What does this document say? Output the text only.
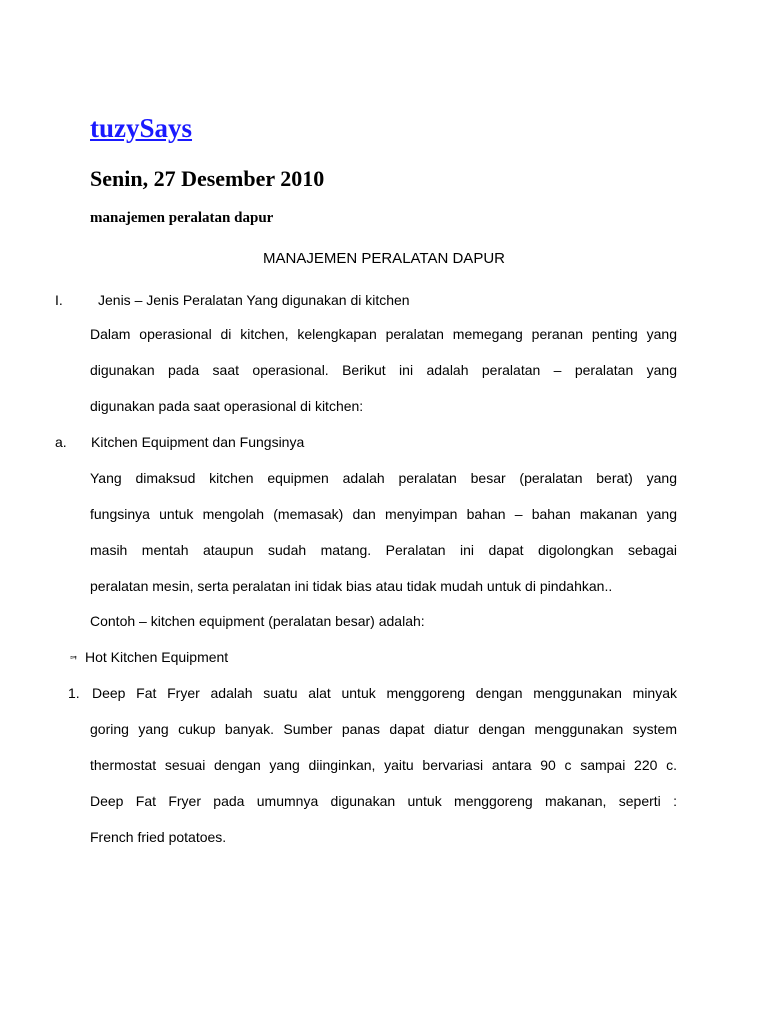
tuzySays
Senin, 27 Desember 2010
manajemen peralatan dapur
MANAJEMEN PERALATAN DAPUR
I.	Jenis – Jenis Peralatan Yang digunakan di kitchen
Dalam operasional di kitchen, kelengkapan peralatan memegang peranan penting yang
digunakan pada saat operasional. Berikut ini adalah peralatan – peralatan yang
digunakan pada saat operasional di kitchen:
a. Kitchen Equipment dan Fungsinya
Yang dimaksud kitchen equipmen adalah peralatan besar (peralatan berat) yang
fungsinya untuk mengolah (memasak) dan menyimpan bahan – bahan makanan yang
masih mentah ataupun sudah matang. Peralatan ini dapat digolongkan sebagai
peralatan mesin, serta peralatan ini tidak bias atau tidak mudah untuk di pindahkan..
Contoh – kitchen equipment (peralatan besar) adalah:
ᆿ Hot Kitchen Equipment
1. Deep Fat Fryer adalah suatu alat untuk menggoreng dengan menggunakan minyak
goring yang cukup banyak. Sumber panas dapat diatur dengan menggunakan system
thermostat sesuai dengan yang diinginkan, yaitu bervariasi antara 90 c sampai 220 c.
Deep Fat Fryer pada umumnya digunakan untuk menggoreng makanan, seperti :
French fried potatoes.
